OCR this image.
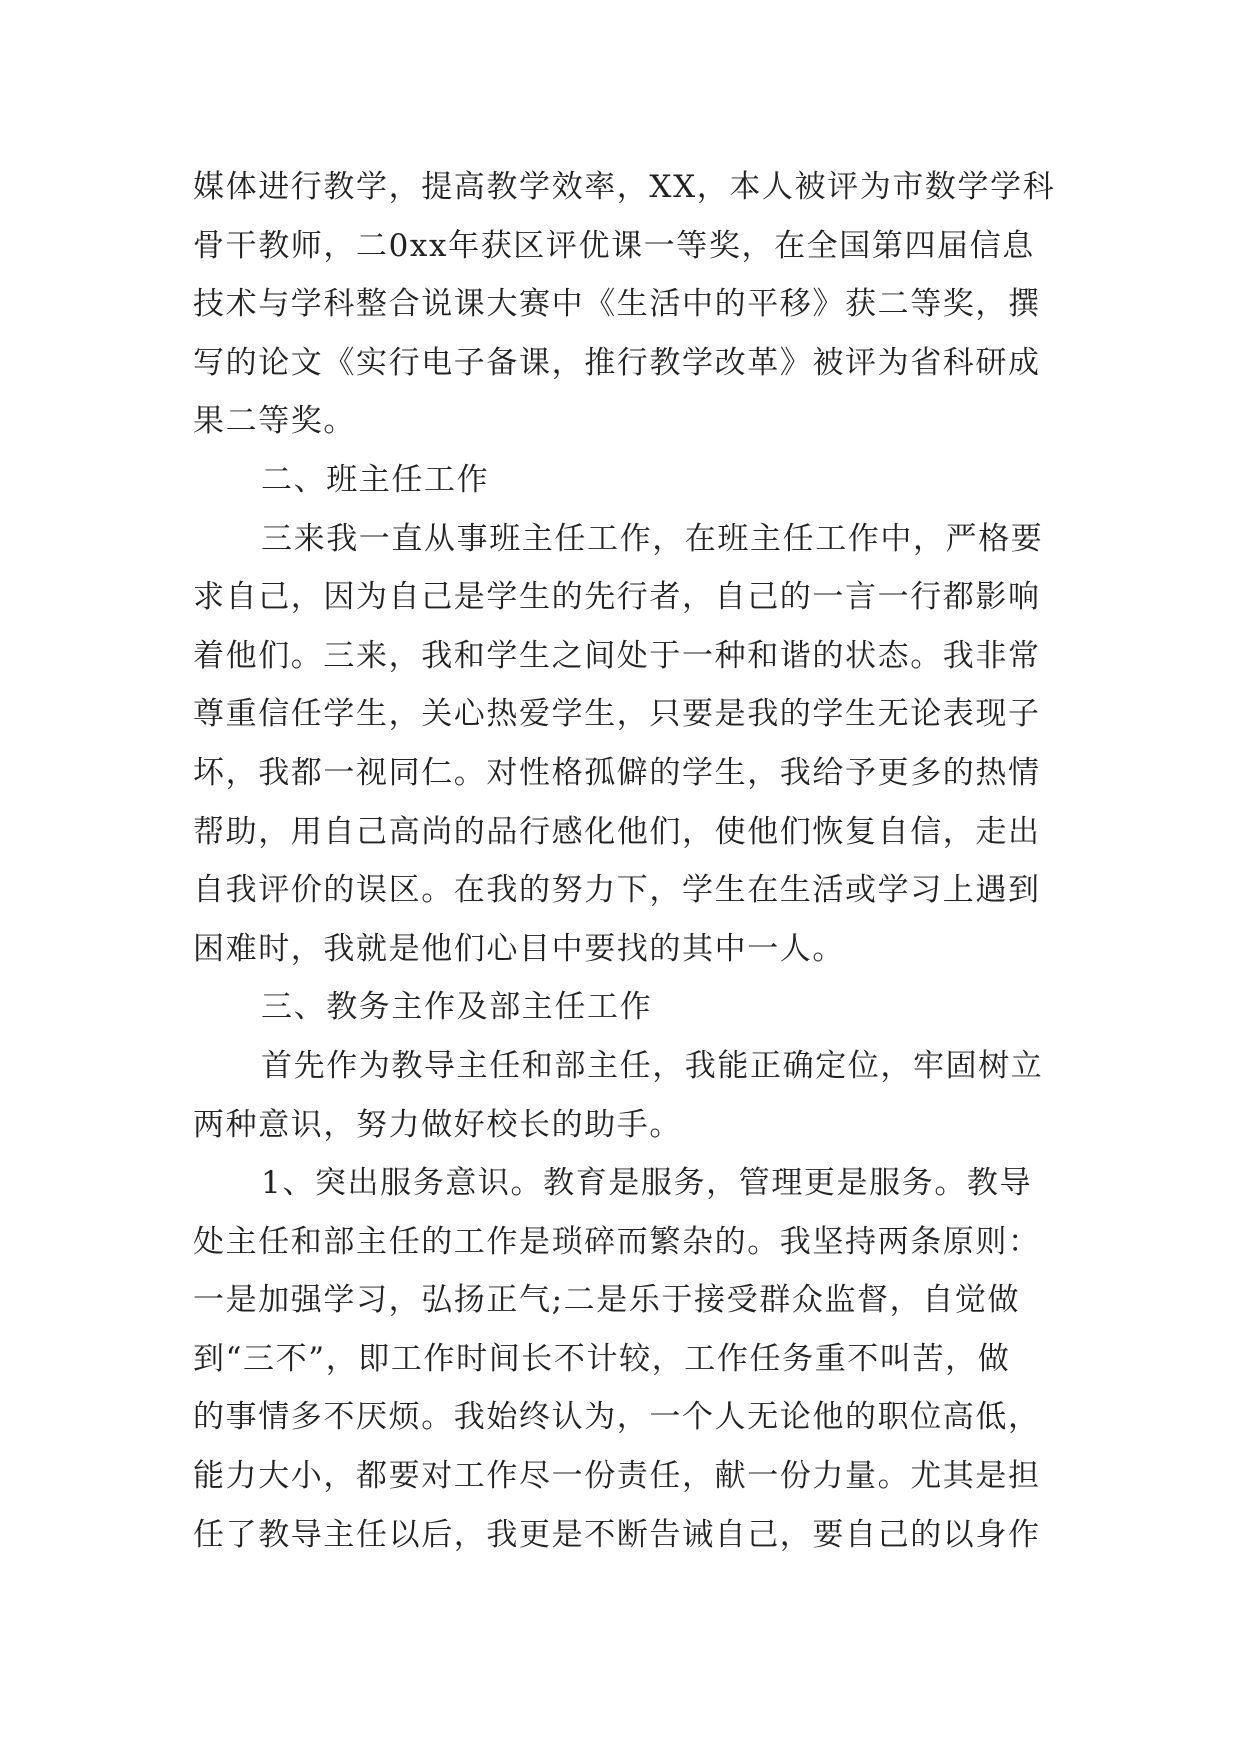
媒体进行教学，提高教学效率，XX，本人被评为市数学学科
骨干教师，二0xx年获区评优课一等奖，在全国第四届信息
技术与学科整合说课大赛中《生活中的平移》获二等奖，撰
写的论文《实行电子备课，推行教学改革》被评为省科研成
果二等奖。
二、班主任工作
三来我一直从事班主任工作，在班主任工作中，严格要
求自己，因为自己是学生的先行者，自己的一言一行都影响
着他们。三来，我和学生之间处于一种和谐的状态。我非常
尊重信任学生，关心热爱学生，只要是我的学生无论表现子
坏，我都一视同仁。对性格孤僻的学生，我给予更多的热情
帮助，用自己高尚的品行感化他们，使他们恢复自信，走出
自我评价的误区。在我的努力下，学生在生活或学习上遇到
困难时，我就是他们心目中要找的其中一人。
三、教务主作及部主任工作
首先作为教导主任和部主任，我能正确定位，牢固树立
两种意识，努力做好校长的助手。
1、突出服务意识。教育是服务，管理更是服务。教导
处主任和部主任的工作是琐碎而繁杂的。我坚持两条原则：
一是加强学习，弘扬正气;二是乐于接受群众监督，自觉做
到“三不”，即工作时间长不计较，工作任务重不叫苦，做
的事情多不厌烦。我始终认为，一个人无论他的职位高低，
能力大小，都要对工作尽一份责任，献一份力量。尤其是担
任了教导主任以后，我更是不断告诫自己，要自己的以身作
